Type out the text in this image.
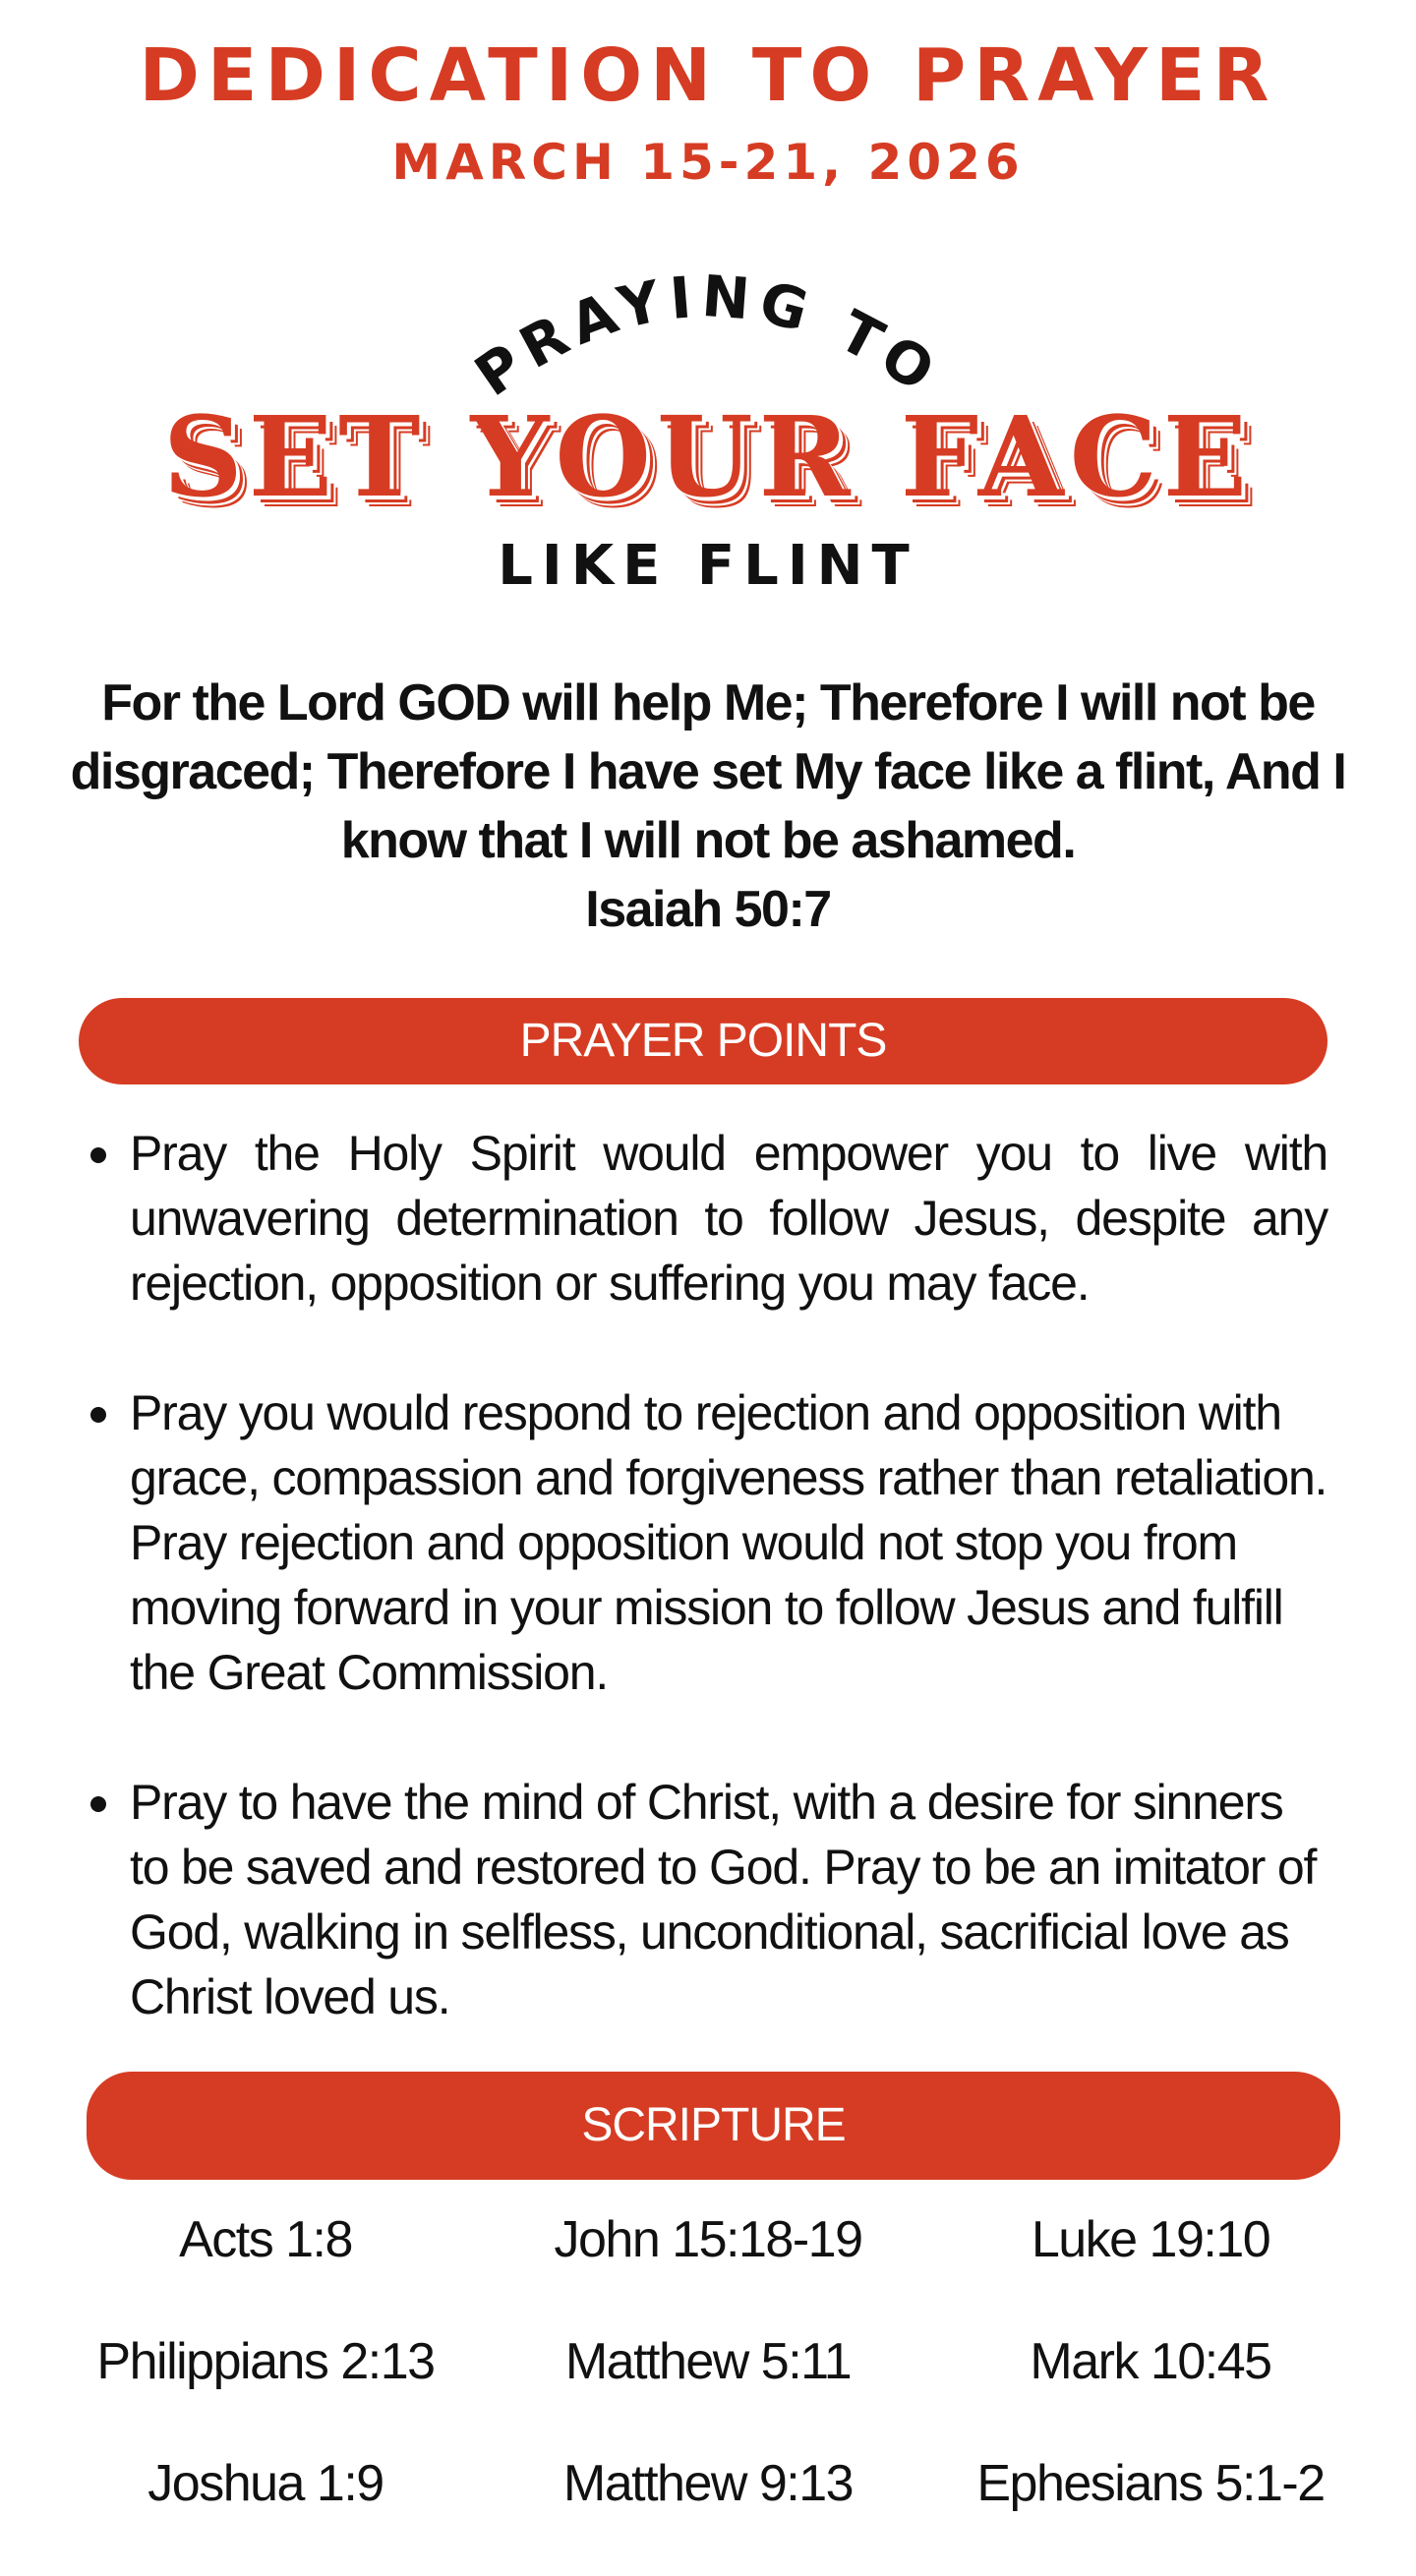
DEDICATION TO PRAYER
MARCH 15-21, 2026
PRAYING TO
SET YOUR FACE
LIKE FLINT
For the Lord GOD will help Me; Therefore I will not be disgraced; Therefore I have set My face like a flint, And I know that I will not be ashamed.
Isaiah 50:7
PRAYER POINTS
Pray the Holy Spirit would empower you to live with unwavering determination to follow Jesus, despite any rejection, opposition or suffering you may face.
Pray you would respond to rejection and opposition with grace, compassion and forgiveness rather than retaliation. Pray rejection and opposition would not stop you from moving forward in your mission to follow Jesus and fulfill the Great Commission.
Pray to have the mind of Christ, with a desire for sinners to be saved and restored to God. Pray to be an imitator of God, walking in selfless, unconditional, sacrificial love as Christ loved us.
SCRIPTURE
Acts 1:8	John 15:18-19	Luke 19:10
Philippians 2:13	Matthew 5:11	Mark 10:45
Joshua 1:9	Matthew 9:13	Ephesians 5:1-2
